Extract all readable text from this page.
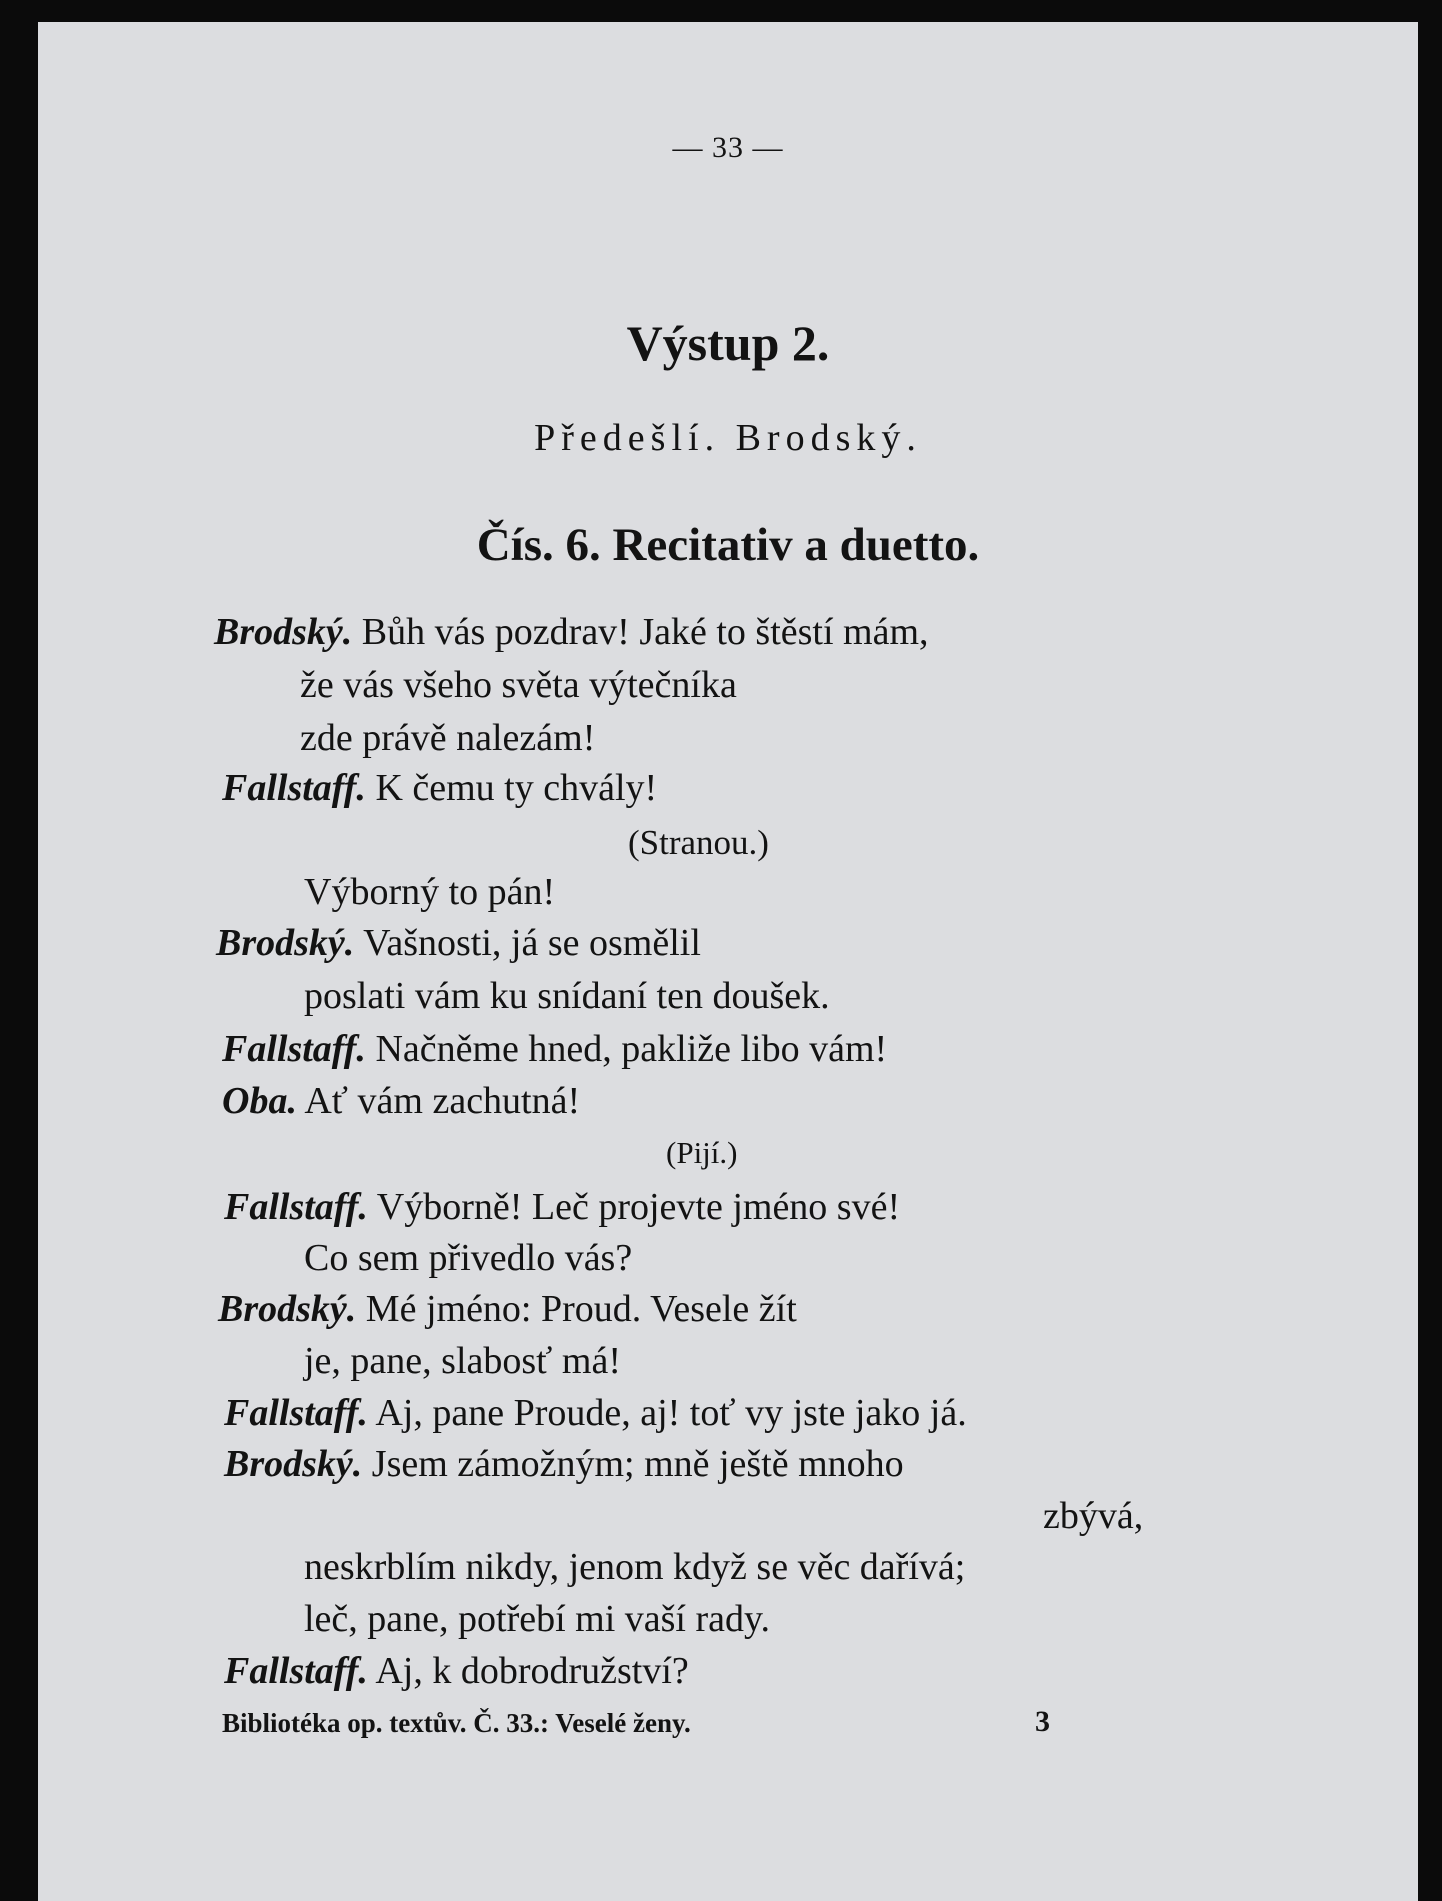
— 33 —
Výstup 2.
Předešlí. Brodský.
Čís. 6. Recitativ a duetto.
Brodský. Bůh vás pozdrav! Jaké to štěstí mám,
že vás všeho světa výtečníka
zde právě nalezám!
Fallstaff. K čemu ty chvály!
(Stranou.)
Výborný to pán!
Brodský. Vašnosti, já se osmělil
poslati vám ku snídaní ten doušek.
Fallstaff. Načněme hned, pakliže libo vám!
Oba. Ať vám zachutná!
(Pijí.)
Fallstaff. Výborně! Leč projevte jméno své!
Co sem přivedlo vás?
Brodský. Mé jméno: Proud. Vesele žít
je, pane, slabosť má!
Fallstaff. Aj, pane Proude, aj! toť vy jste jako já.
Brodský. Jsem zámožným; mně ještě mnoho
zbývá,
neskrblím nikdy, jenom když se věc dařívá;
leč, pane, potřebí mi vaší rady.
Fallstaff. Aj, k dobrodružství?
Bibliotéka op. textův. Č. 33.: Veselé ženy.	3
